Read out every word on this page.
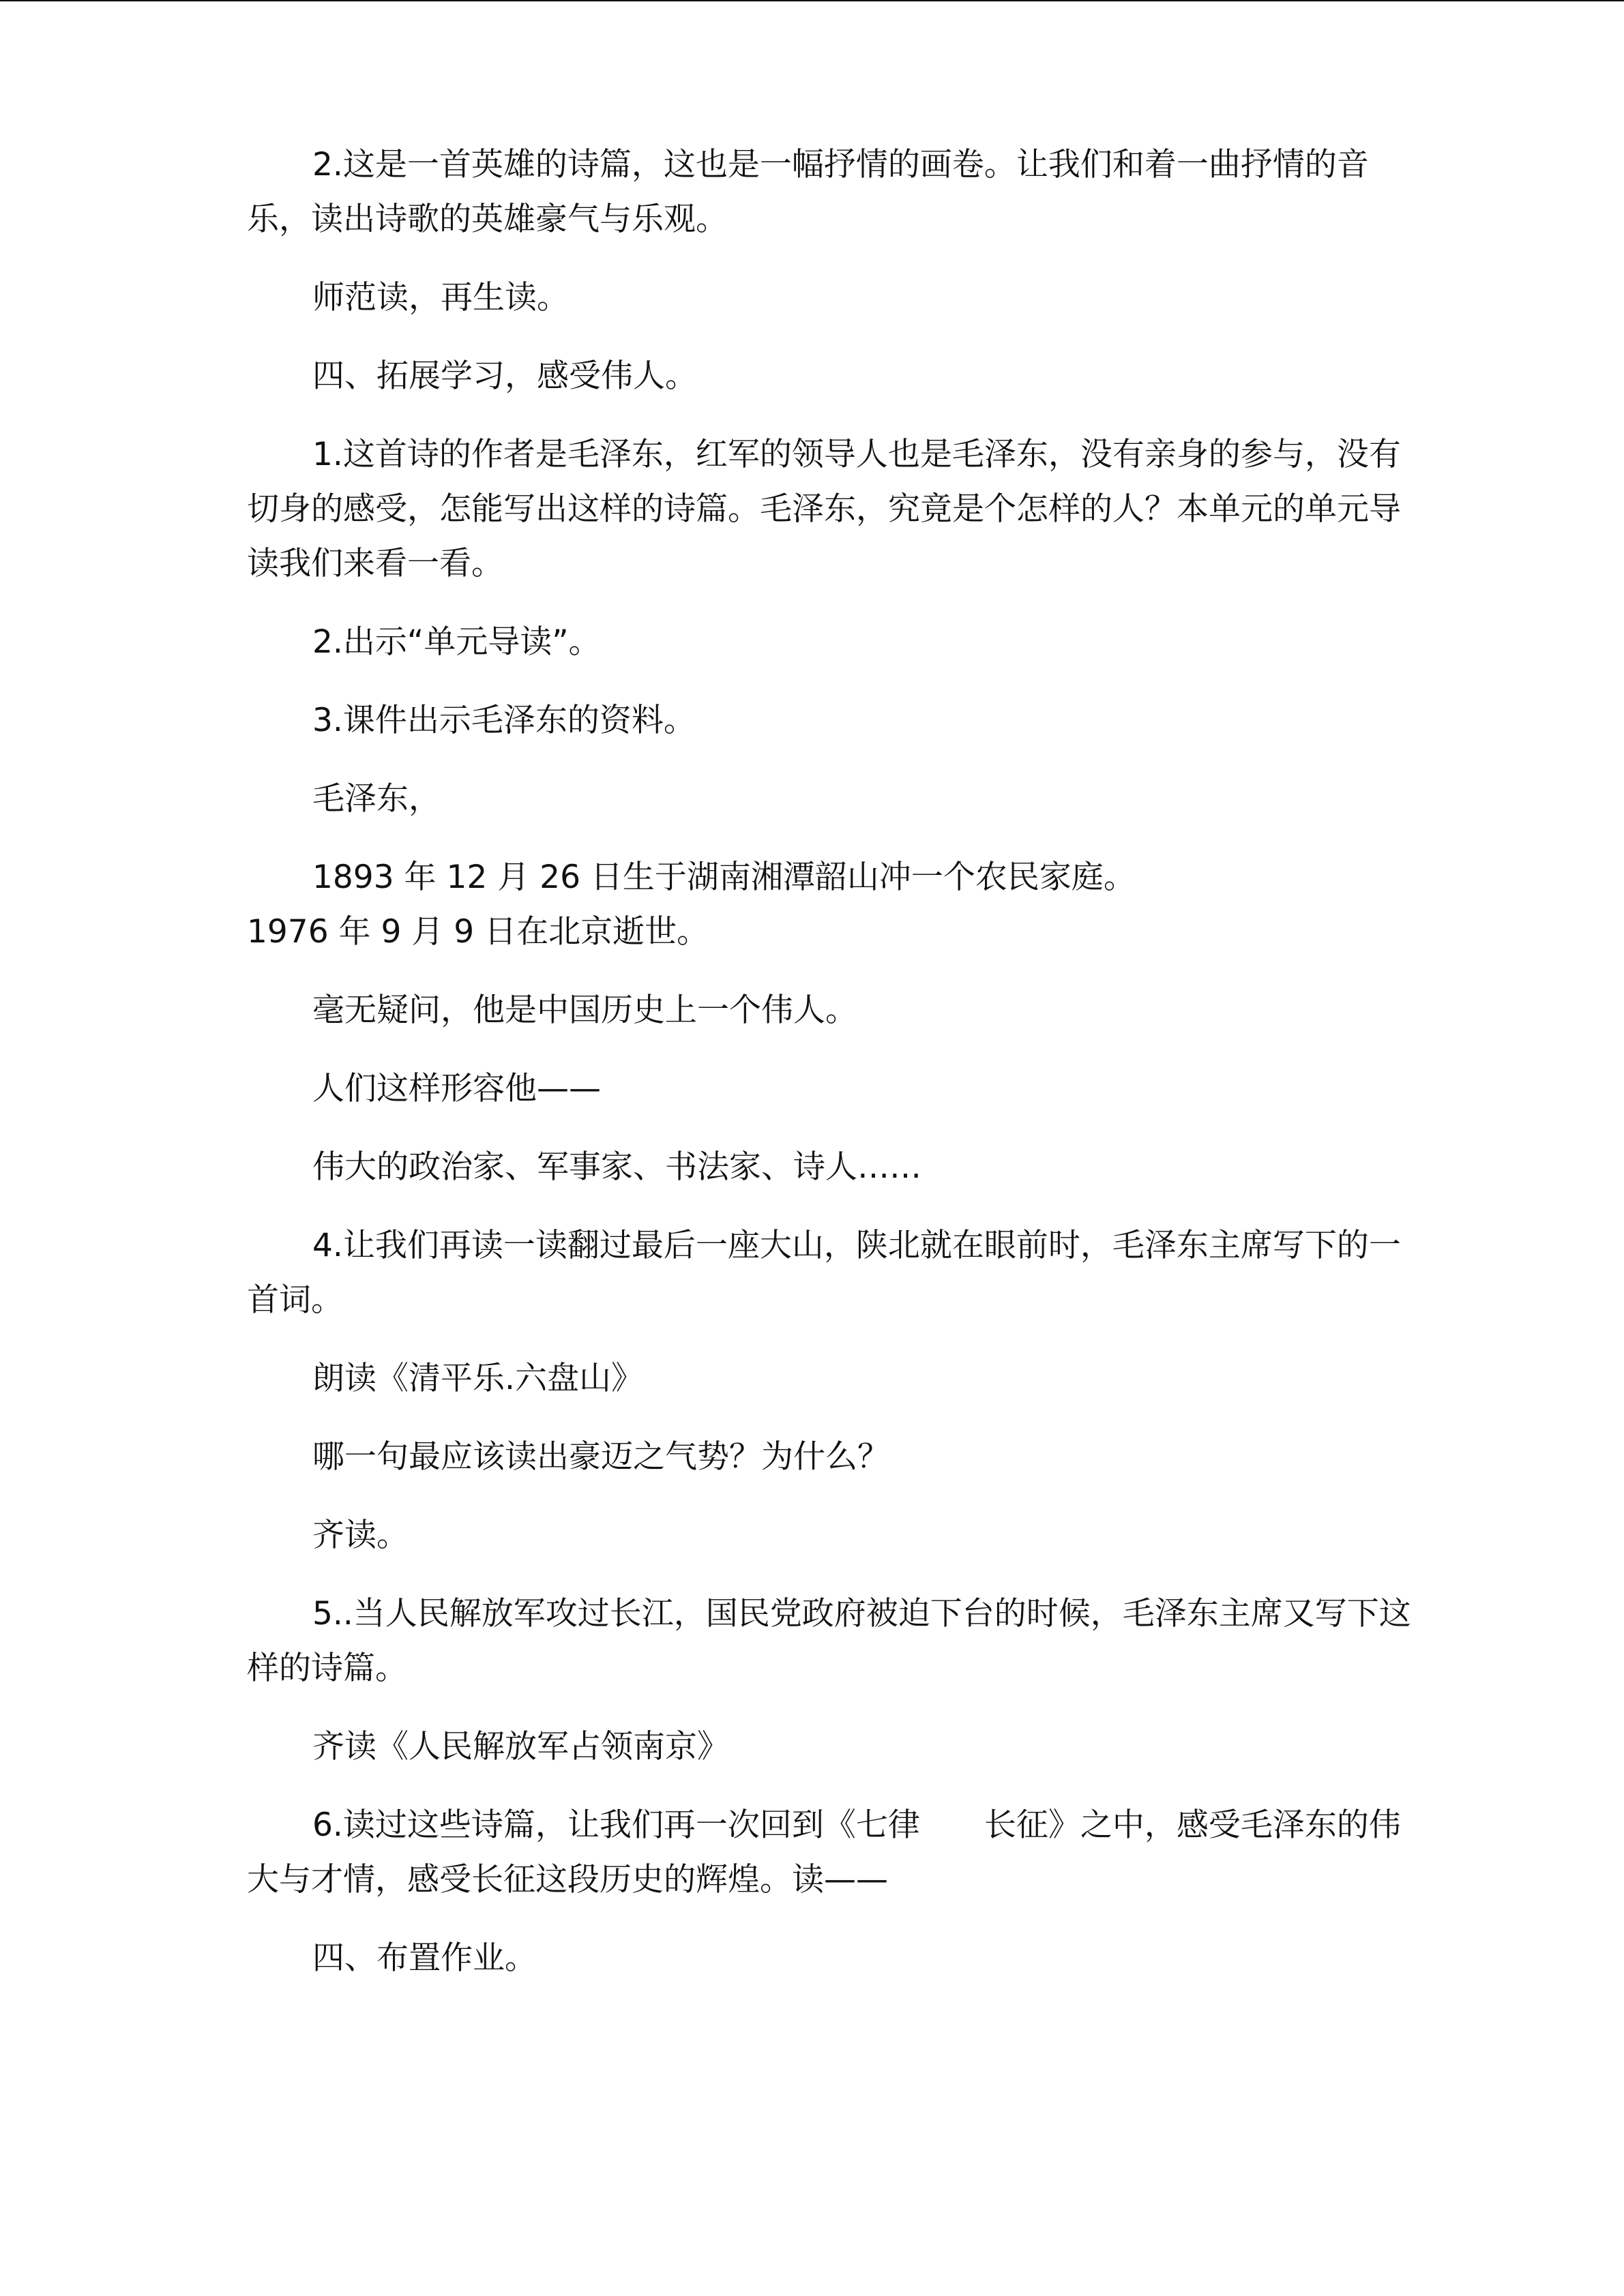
2.这是一首英雄的诗篇，这也是一幅抒情的画卷。让我们和着一曲抒情的音乐，读出诗歌的英雄豪气与乐观。

师范读，再生读。

四、拓展学习，感受伟人。

1.这首诗的作者是毛泽东，红军的领导人也是毛泽东，没有亲身的参与，没有切身的感受，怎能写出这样的诗篇。毛泽东，究竟是个怎样的人？本单元的单元导读我们来看一看。

2.出示“单元导读”。

3.课件出示毛泽东的资料。

毛泽东，

1893 年 12 月 26 日生于湖南湘潭韶山冲一个农民家庭。

1976 年 9 月 9 日在北京逝世。

毫无疑问，他是中国历史上一个伟人。

人们这样形容他——

伟大的政治家、军事家、书法家、诗人……

4.让我们再读一读翻过最后一座大山，陕北就在眼前时，毛泽东主席写下的一首词。

朗读《清平乐.六盘山》

哪一句最应该读出豪迈之气势？为什么？

齐读。

5..当人民解放军攻过长江，国民党政府被迫下台的时候，毛泽东主席又写下这样的诗篇。

齐读《人民解放军占领南京》

6.读过这些诗篇，让我们再一次回到《七律　　长征》之中，感受毛泽东的伟大与才情，感受长征这段历史的辉煌。读——

四、布置作业。
